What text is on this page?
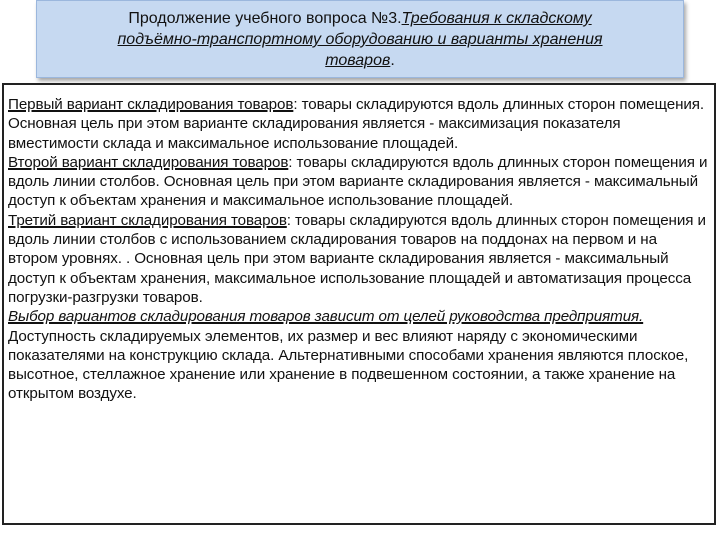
Продолжение учебного вопроса №3.Требования к складскому
подъёмно-транспортному оборудованию и варианты хранения
товаров.

Первый вариант складирования товаров: товары складируются вдоль длинных сторон помещения. Основная цель при этом варианте складирования является - максимизация показателя вместимости склада и максимальное использование площадей.

Второй вариант складирования товаров: товары складируются вдоль длинных сторон помещения и вдоль линии столбов. Основная цель при этом варианте складирования является - максимальный доступ к объектам хранения и максимальное использование площадей.

Третий вариант складирования товаров: товары складируются вдоль длинных сторон помещения и вдоль линии столбов с использованием складирования товаров на поддонах на первом и на втором уровнях. . Основная цель при этом варианте складирования является - максимальный доступ к объектам хранения, максимальное использование площадей и автоматизация процесса погрузки-разгрузки товаров.

Выбор вариантов складирования товаров зависит от целей руководства предприятия.

Доступность складируемых элементов, их размер и вес влияют наряду с экономическими показателями на конструкцию склада. Альтернативными способами хранения являются плоское, высотное, стеллажное хранение или хранение в подвешенном состоянии, а также хранение на открытом воздухе.
